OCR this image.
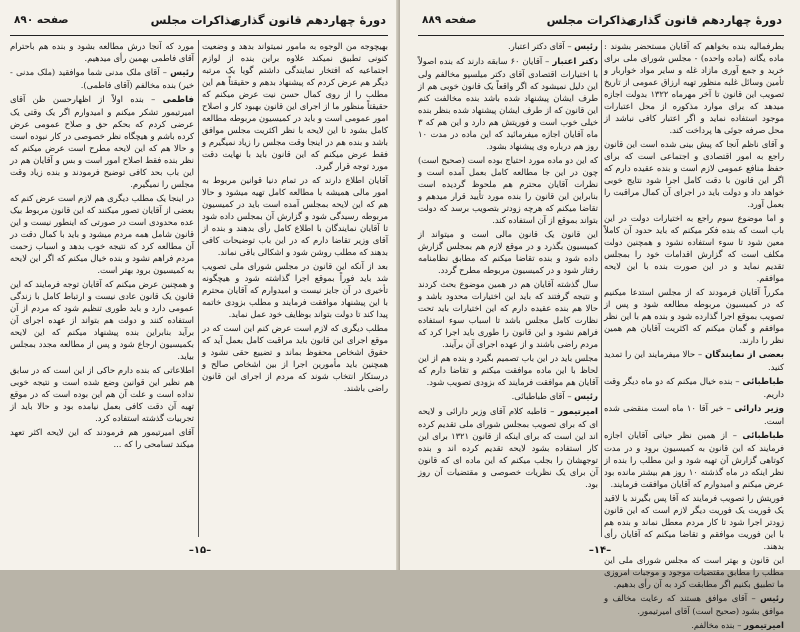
دورهٔ چهاردهم قانون گذاری
مذاکرات مجلس
صفحه ۸۹۰

بهیچوجه من الوجوه به مامور نمیتواند بدهد و وضعیت کنونی تطبیق نمیکند علاوه براین بنده از لوازم اجتماعیه که افتخار نمایندگی داشتم گویا یک مرتبه دیگر هم عرض کردم که پیشنهاد بدهم و حقیقتاً هم این مطلب را از روی کمال حسن نیت عرض میکنم که حقیقتاً منظور ما از اجرای این قانون بهبود کار و اصلاح امور عمومی است و باید در کمیسیون مربوطه مطالعه کامل بشود تا این لایحه با نظر اکثریت مجلس موافق باشد و بنده هم در اینجا وقت مجلس را زیاد نمیگیرم و فقط عرض میکنم که این قانون باید با نهایت دقت مورد توجه قرار گیرد.

آقایان اطلاع دارند که در تمام دنیا قوانین مربوط به امور مالی همیشه با مطالعه کامل تهیه میشود و حالا هم که این لایحه بمجلس آمده است باید در کمیسیون مربوطه رسیدگی شود و گزارش آن بمجلس داده شود تا آقایان نمایندگان با اطلاع کامل رأی بدهند و بنده از آقای وزیر تقاضا دارم که در این باب توضیحات کافی بدهند که مطلب روشن شود و اشکالی باقی نماند.

بعد از آنکه این قانون در مجلس شورای ملی تصویب شد باید فوراً بموقع اجرا گذاشته شود و هیچگونه تأخیری در آن جایز نیست و امیدوارم که آقایان محترم با این پیشنهاد موافقت فرمایند و مطلب بزودی خاتمه پیدا کند تا دولت بتواند بوظایف خود عمل نماید.

مطلب دیگری که لازم است عرض کنم این است که در موقع اجرای این قانون باید مراقبت کامل بعمل آید که حقوق اشخاص محفوظ بماند و تضییع حقی نشود و همچنین باید مأمورین اجرا از بین اشخاص صالح و درستکار انتخاب شوند که مردم از اجرای این قانون راضی باشند.

مورد که آنجا درش مطالعه بشود و بنده هم باحترام آقای فاطمی بهمین رأی میدهیم.

رئیس – آقای ملک مدنی شما موافقید (ملک مدنی - خیر) بنده مخالفم (آقای فاطمی).

فاطمی – بنده اولاً از اظهارحسن ظن آقای امیرتیمور تشکر میکنم و امیدوارم اگر یک وقتی یک عرضی کردم که بحکم حق و صلاح عمومی عرض کرده باشم و هیچگاه نظر خصوصی در کار نبوده است و حالا هم که این لایحه مطرح است عرض میکنم که نظر بنده فقط اصلاح امور است و بس و آقایان هم در این باب بحد کافی توضیح فرمودند و بنده زیاد وقت مجلس را نمیگیرم.

در اینجا یک مطلب دیگری هم لازم است عرض کنم که بعضی از آقایان تصور میکنند که این قانون مربوط بیک عده محدودی است در صورتی که اینطور نیست و این قانون شامل همه مردم میشود و باید با کمال دقت در آن مطالعه کرد که نتیجه خوب بدهد و اسباب زحمت مردم فراهم نشود و بنده خیال میکنم که اگر این لایحه به کمیسیون برود بهتر است.

و همچنین عرض میکنم که آقایان توجه فرمایند که این قانون یک قانون عادی نیست و ارتباط کامل با زندگی عمومی دارد و باید طوری تنظیم شود که مردم از آن استفاده کنند و دولت هم بتواند از عهده اجرای آن برآید بنابراین بنده پیشنهاد میکنم که این لایحه بکمیسیون ارجاع شود و پس از مطالعه مجدد بمجلس بیاید.

اطلاعاتی که بنده دارم حاکی از این است که در سابق هم نظیر این قوانین وضع شده است و نتیجه خوبی نداده است و علت آن هم این بوده است که در موقع تهیه آن دقت کافی بعمل نیامده بود و حالا باید از تجربیات گذشته استفاده کرد.

آقای امیرتیمور هم فرمودند که این لایحه اکثر تعهد میکند تسامحی را که ...

–۱۵–
دورهٔ چهاردهم قانون گذاری
مذاکرات مجلس
صفحه ۸۸۹

بطرفمالیه بنده بخواهم که آقایان مستحضر بشوند : ماده یگانه (ماده واحده) - مجلس شورای ملی برای خرید و جمع آوری مازاد غله و سایر مواد خواربار و تأمین وسائل غلبه منظور تهیه ارزاق عمومی از تاریخ تصویب این قانون تا آخر مهرماه ۱۳۲۲ بدولت اجازه میدهد که برای موارد مذکوره از محل اعتبارات موجود استفاده نماید و اگر اعتبار کافی نباشد از محل صرفه جوئی ها پرداخت کند.

و آقای ناظم آنجا که پیش بینی شده است این قانون راجع به امور اقتصادی و اجتماعی است که برای حفظ منافع عمومی لازم است و بنده عقیده دارم که اگر این قانون با دقت کامل اجرا شود نتایج خوبی خواهد داد و دولت باید در اجرای آن کمال مراقبت را بعمل آورد.

و اما موضوع سوم راجع به اختیارات دولت در این باب است که بنده فکر میکنم که باید حدود آن کاملاً معین شود تا سوء استفاده نشود و همچنین دولت مکلف است که گزارش اقدامات خود را بمجلس تقدیم نماید و در این صورت بنده با این لایحه موافقم.

مکرراً آقایان فرمودند که از مجلس استدعا میکنیم که در کمیسیون مربوطه مطالعه شود و پس از تصویب بموقع اجرا گذارده شود و بنده هم با این نظر موافقم و گمان میکنم که اکثریت آقایان هم همین نظر را دارند.

بعضی از نمایندگان – حالا میفرمایند این را تمدید کنید.

طباطبائی – بنده خیال میکنم که دو ماه دیگر وقت داریم.

وزیر دارائی – خیر آقا ۱۰ ماه است منقضی شده است.

طباطبائی – از همین نظر حیاتی آقایان اجازه فرمایند که این قانون به کمیسیون برود و در مدت کوتاهی گزارش آن تهیه شود و این مطلب را بنده از نظر اینکه در ماه گذشته ۱۰ روز هم بیشتر مانده بود عرض میکنم و امیدوارم که آقایان موافقت فرمایند.

فوریتش را تصویب فرمایند که آقا پس بگیرند با لاقید یک قوریت یک فوریت دیگر لازم است که این قانون زودتر اجرا شود تا کار مردم معطل نماند و بنده هم با این فوریت موافقم و تقاضا میکنم که آقایان رأی بدهند.

این قانون و بهتر است که مجلس شورای ملی این مطلب را مطابق مقتضیات موجود و موجبات امروزی ما تطبیق بکنیم اگر مطابقت کرد به آن رأی بدهیم.

رئیس – آقای موافق هستند که رعایت مخالف و موافق بشود (صحیح است) آقای امیرتیمور.

امیرتیمور – بنده مخالفم.

رئیس – آقای دکتر اعتبار.

دکتر اعتبار – آقایان ۶۰ سابقه دارند که بنده اصولاً با اختیارات اقتصادی آقای دکتر میلسپو مخالفم ولی این دلیل نمیشود که اگر واقعاً یک قانون خوبی هم از طرف ایشان پیشنهاد شده باشد بنده مخالفت کنم این قانون که از طرف ایشان پیشنهاد شده بنظر بنده خیلی خوب است و فوریتش هم دارد و این هم که ۳ ماه آقایان اجازه میفرمائید که این ماده در مدت ۱۰ روز هم درباره وی پیشنهاد بشود.

که این دو ماده مورد احتیاج بوده است (صحیح است) چون در این جا مطالعه کامل بعمل آمده است و نظرات آقایان محترم هم ملحوظ گردیده است بنابراین این قانون را بنده مورد تأیید قرار میدهم و تقاضا میکنم که هرچه زودتر بتصویب برسد که دولت بتواند بموقع از آن استفاده کند.

این قانون یک قانون مالی است و میتواند از کمیسیون بگذرد و در موقع لازم هم بمجلس گزارش داده شود و بنده تقاضا میکنم که مطابق نظامنامه رفتار شود و در کمیسیون مربوطه مطرح گردد.

سال گذشته آقایان هم در همین موضوع بحث کردند و نتیجه گرفتند که باید این اختیارات محدود باشد و حالا هم بنده عقیده دارم که این اختیارات باید تحت نظارت کامل مجلس باشد تا اسباب سوء استفاده فراهم نشود و این قانون را طوری باید اجرا کرد که مردم راضی باشند و از عهده اجرای آن برآیند.

مجلس باید در این باب تصمیم بگیرد و بنده هم از این لحاظ با این ماده موافقت میکنم و تقاضا دارم که آقایان هم موافقت فرمایند که بزودی تصویب شود.

رئیس – آقای طباطبائی.

امیرتیمور – قاطبه کلام آقای وزیر دارائی و لایحه ای که برای تصویب بمجلس شورای ملی تقدیم کرده اند این است که برای اینکه از قانون ۱۳۲۱ برای این کار استفاده بشود لایحه تقدیم کرده اند و بنده توجهشان را بجلب میکنم که این ماده ای که قانون آن برای یک نظریات خصوصی و مقتضیات آن روز بود.

–۱۴–
